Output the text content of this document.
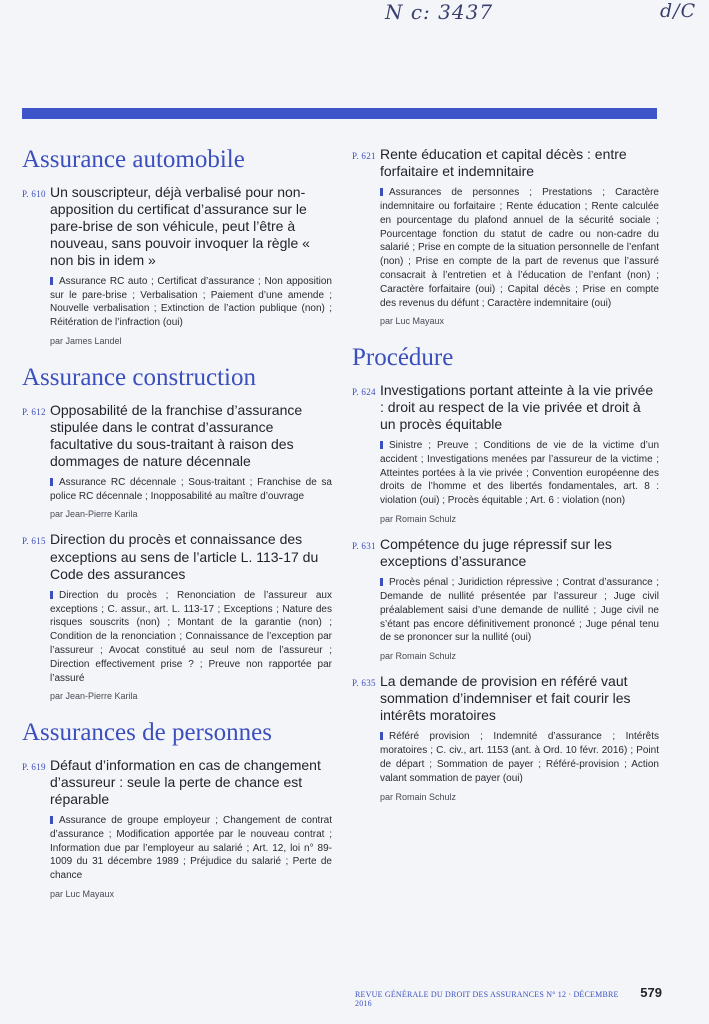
N c: 3437	d/C
Assurance automobile
P. 610 Un souscripteur, déjà verbalisé pour non-apposition du certificat d’assurance sur le pare-brise de son véhicule, peut l’être à nouveau, sans pouvoir invoquer la règle « non bis in idem »
Assurance RC auto ; Certificat d’assurance ; Non apposition sur le pare-brise ; Verbalisation ; Paiement d’une amende ; Nouvelle verbalisation ; Extinction de l’action publique (non) ; Réitération de l’infraction (oui)
par James Landel
Assurance construction
P. 612 Opposabilité de la franchise d’assurance stipulée dans le contrat d’assurance facultative du sous-traitant à raison des dommages de nature décennale
Assurance RC décennale ; Sous-traitant ; Franchise de sa police RC décennale ; Inopposabilité au maître d’ouvrage
par Jean-Pierre Karila
P. 615 Direction du procès et connaissance des exceptions au sens de l’article L. 113-17 du Code des assurances
Direction du procès ; Renonciation de l’assureur aux exceptions ; C. assur., art. L. 113-17 ; Exceptions ; Nature des risques souscrits (non) ; Montant de la garantie (non) ; Condition de la renonciation ; Connaissance de l’exception par l’assureur ; Avocat constitué au seul nom de l’assureur ; Direction effectivement prise ? ; Preuve non rapportée par l’assuré
par Jean-Pierre Karila
Assurances de personnes
P. 619 Défaut d’information en cas de changement d’assureur : seule la perte de chance est réparable
Assurance de groupe employeur ; Changement de contrat d’assurance ; Modification apportée par le nouveau contrat ; Information due par l’employeur au salarié ; Art. 12, loi n° 89-1009 du 31 décembre 1989 ; Préjudice du salarié ; Perte de chance
par Luc Mayaux
P. 621 Rente éducation et capital décès : entre forfaitaire et indemnitaire
Assurances de personnes ; Prestations ; Caractère indemnitaire ou forfaitaire ; Rente éducation ; Rente calculée en pourcentage du plafond annuel de la sécurité sociale ; Pourcentage fonction du statut de cadre ou non-cadre du salarié ; Prise en compte de la situation personnelle de l’enfant (non) ; Prise en compte de la part de revenus que l’assuré consacrait à l’entretien et à l’éducation de l’enfant (non) ; Caractère forfaitaire (oui) ; Capital décès ; Prise en compte des revenus du défunt ; Caractère indemnitaire (oui)
par Luc Mayaux
Procédure
P. 624 Investigations portant atteinte à la vie privée : droit au respect de la vie privée et droit à un procès équitable
Sinistre ; Preuve ; Conditions de vie de la victime d’un accident ; Investigations menées par l’assureur de la victime ; Atteintes portées à la vie privée ; Convention européenne des droits de l’homme et des libertés fondamentales, art. 8 : violation (oui) ; Procès équitable ; Art. 6 : violation (non)
par Romain Schulz
P. 631 Compétence du juge répressif sur les exceptions d’assurance
Procès pénal ; Juridiction répressive ; Contrat d’assurance ; Demande de nullité présentée par l’assureur ; Juge civil préalablement saisi d’une demande de nullité ; Juge civil ne s’étant pas encore définitivement prononcé ; Juge pénal tenu de se prononcer sur la nullité (oui)
par Romain Schulz
P. 635 La demande de provision en référé vaut sommation d’indemniser et fait courir les intérêts moratoires
Référé provision ; Indemnité d’assurance ; Intérêts moratoires ; C. civ., art. 1153 (ant. à Ord. 10 févr. 2016) ; Point de départ ; Sommation de payer ; Référé-provision ; Action valant sommation de payer (oui)
par Romain Schulz
REVUE GÉNÉRALE DU DROIT DES ASSURANCES N° 12 · DÉCEMBRE 2016
579
